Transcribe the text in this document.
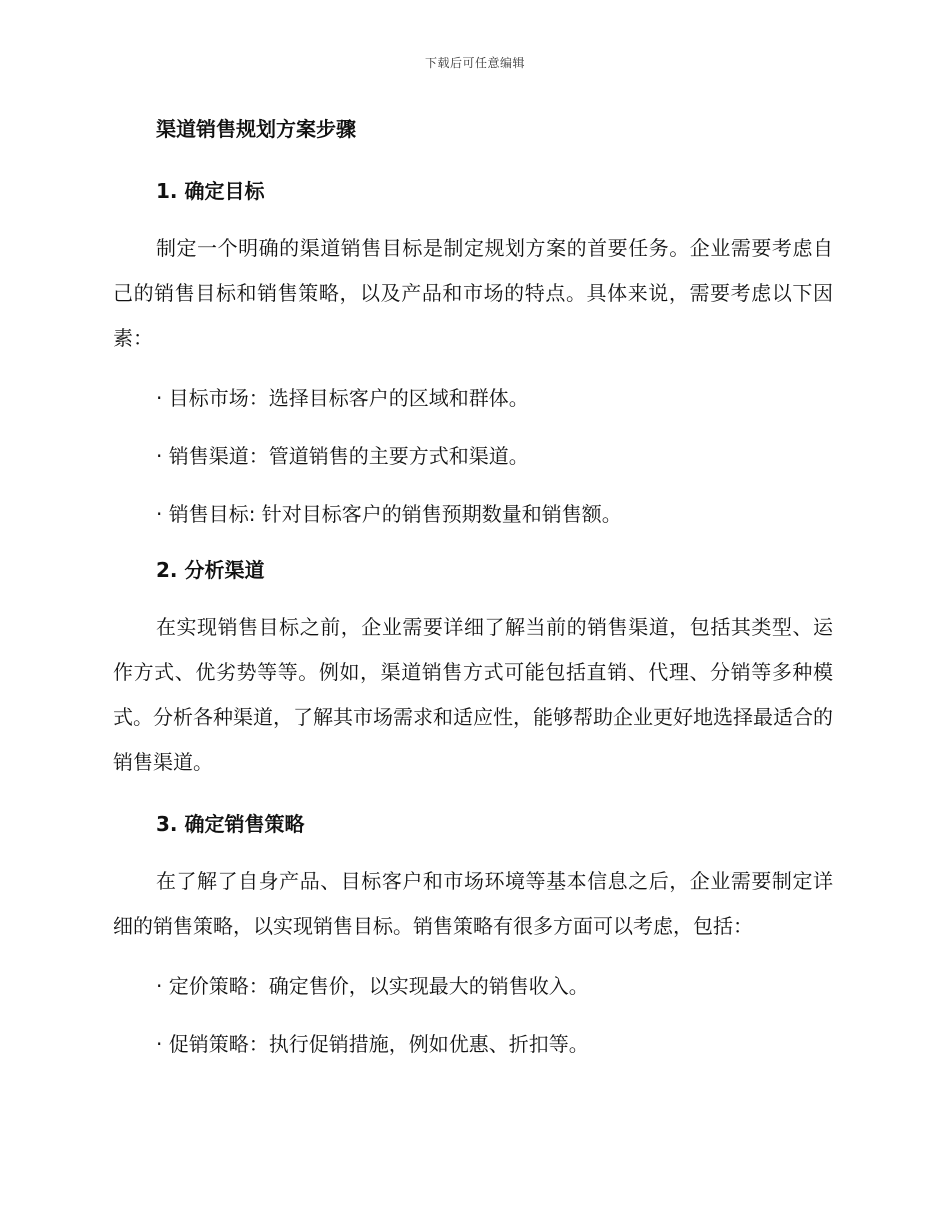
下载后可任意编辑
渠道销售规划方案步骤
1. 确定目标

制定一个明确的渠道销售目标是制定规划方案的首要任务。企业需要考虑自己的销售目标和销售策略，以及产品和市场的特点。具体来说，需要考虑以下因素：

· 目标市场：选择目标客户的区域和群体。
· 销售渠道：管道销售的主要方式和渠道。
· 销售目标: 针对目标客户的销售预期数量和销售额。
2. 分析渠道

在实现销售目标之前，企业需要详细了解当前的销售渠道，包括其类型、运作方式、优劣势等等。例如，渠道销售方式可能包括直销、代理、分销等多种模式。分析各种渠道，了解其市场需求和适应性，能够帮助企业更好地选择最适合的销售渠道。

3. 确定销售策略

在了解了自身产品、目标客户和市场环境等基本信息之后，企业需要制定详细的销售策略，以实现销售目标。销售策略有很多方面可以考虑，包括：

· 定价策略：确定售价，以实现最大的销售收入。
· 促销策略：执行促销措施，例如优惠、折扣等。
